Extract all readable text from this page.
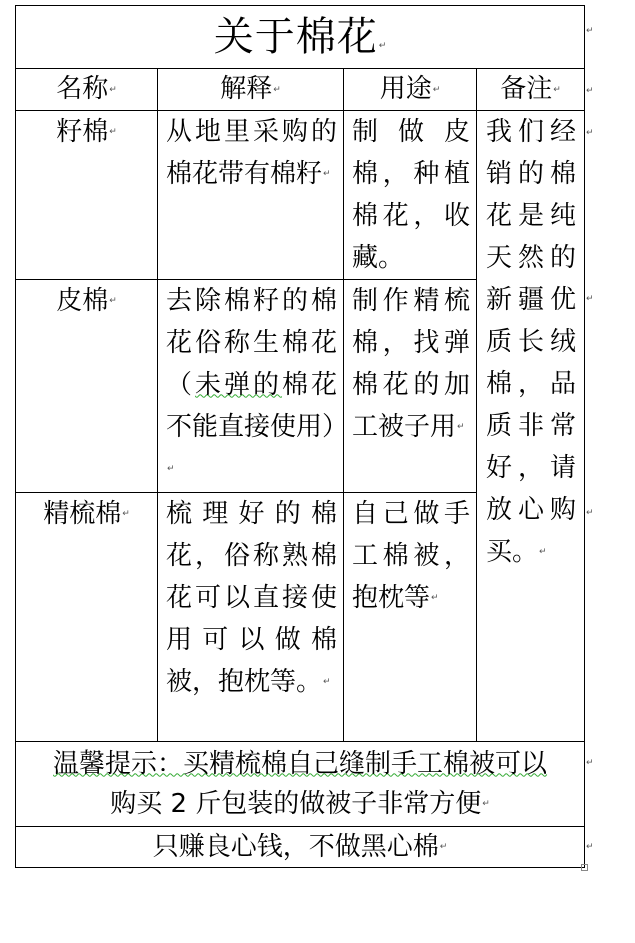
关于棉花↵			
名称↵	解释↵	用途↵	备注↵
籽棉↵	从地里采购的棉花带有棉籽↵	制做皮棉，种植棉花，收藏。	我们经销的棉花是纯天然的新疆优质长绒棉，品质非常好，请放心购买。↵
皮棉↵	去除棉籽的棉花俗称生棉花（未弹的棉花不能直接使用）↵	制作精梳棉，找弹棉花的加工被子用↵	
精梳棉↵	梳理好的棉花，俗称熟棉花可以直接使用可以做棉被，抱枕等。↵	自己做手工棉被，抱枕等↵	

温馨提示：买精梳棉自己缝制手工棉被可以
购买 2 斤包装的做被子非常方便↵			

只赚良心钱，不做黑心棉↵			
↵
↵
↵
↵
↵
↵
↵
